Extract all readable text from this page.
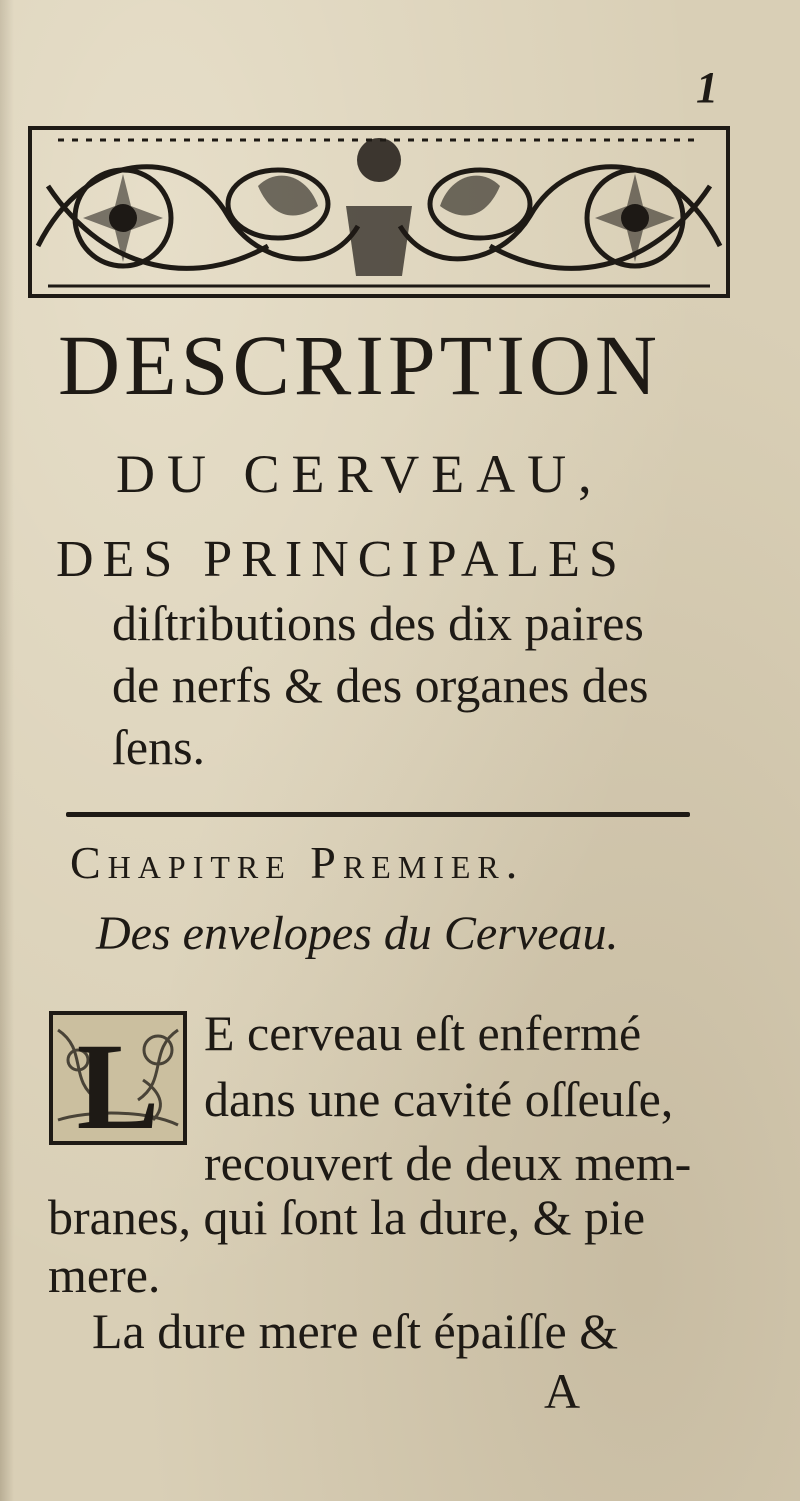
1
DESCRIPTION
DU CERVEAU,
DES PRINCIPALES
diſtributions des dix paires
de nerfs & des organes des
ſens.
Chapitre Premier.
Des envelopes du Cerveau.
L E cerveau eſt enfermé
dans une cavité oſſeuſe,
recouvert de deux mem-
branes, qui ſont la dure, & pie
mere.
La dure mere eſt épaiſſe &
A
